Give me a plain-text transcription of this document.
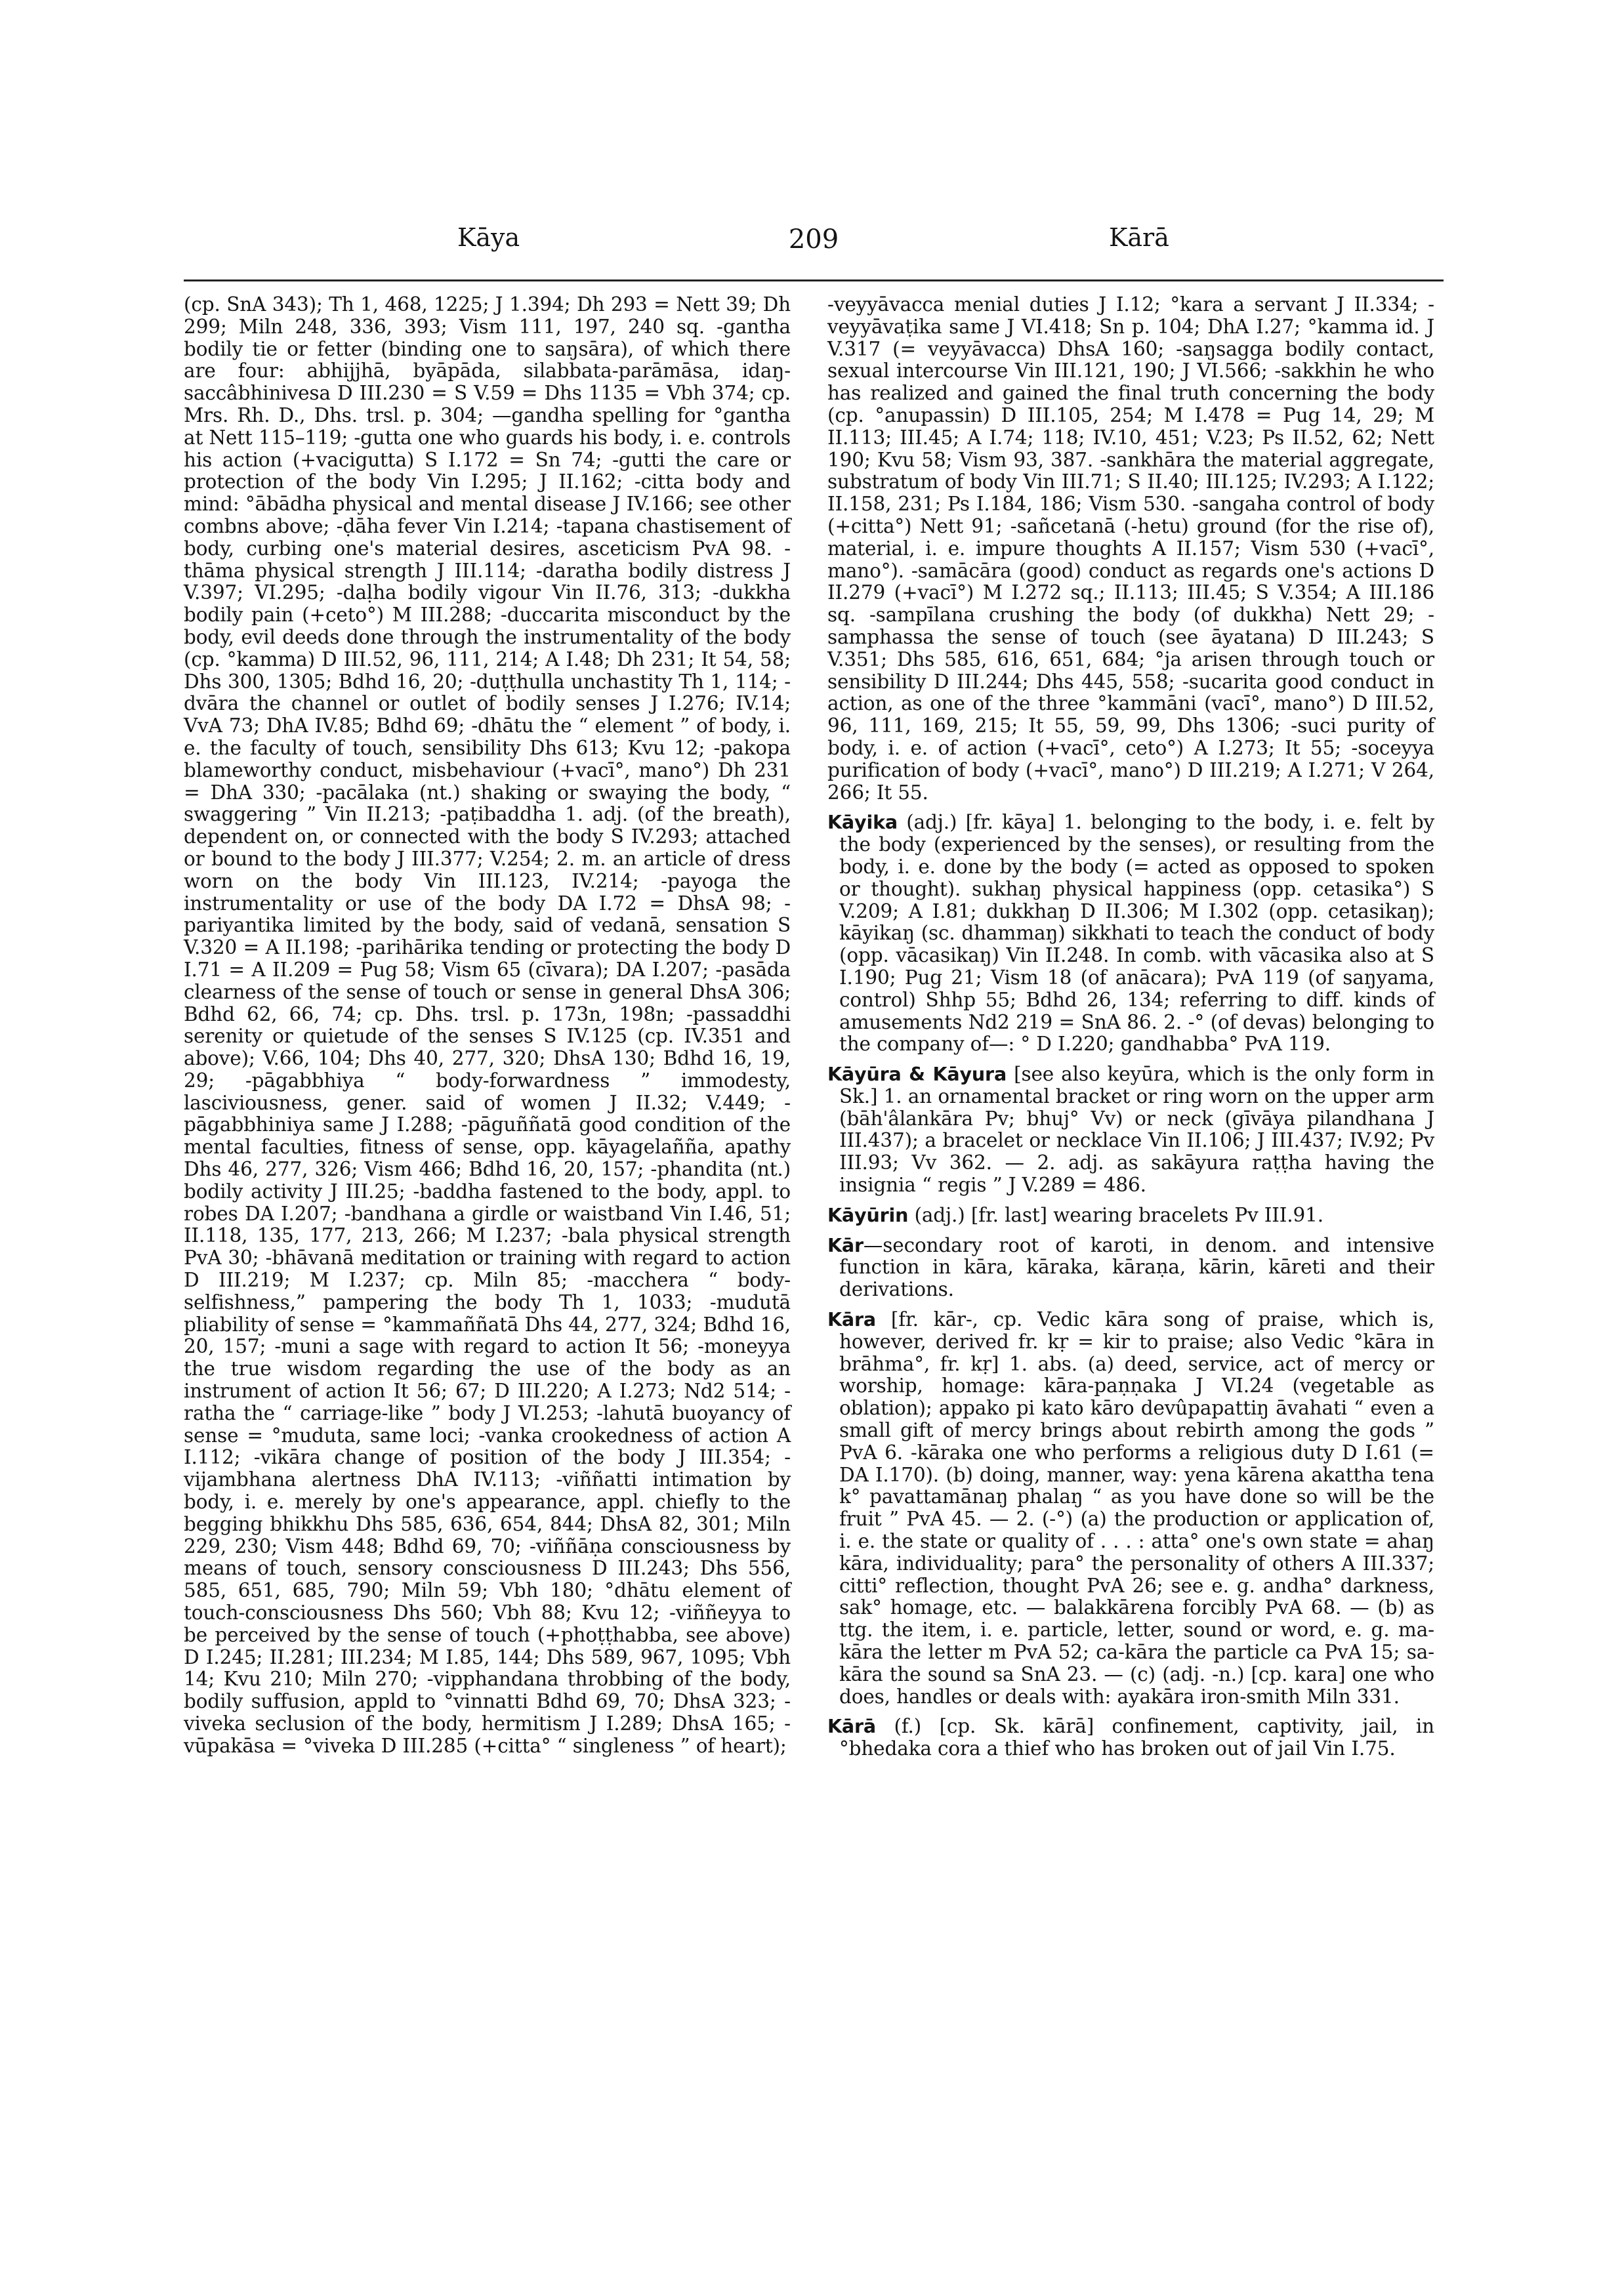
Kāya	209	Kārā

(cp. SnA 343); Th 1, 468, 1225; J 1.394; Dh 293 = Nett 39; Dh 299; Miln 248, 336, 393; Vism 111, 197, 240 sq. -gantha bodily tie or fetter (binding one to saŋsāra), of which there are four: abhijjhā, byāpāda, silabbata-parāmāsa, idaŋ-saccâbhinivesa D III.230 = S V.59 = Dhs 1135 = Vbh 374; cp. Mrs. Rh. D., Dhs. trsl. p. 304; —gandha spelling for °gantha at Nett 115–119; -gutta one who guards his body, i. e. controls his action (+vacigutta) S I.172 = Sn 74; -gutti the care or protection of the body Vin I.295; J II.162; -citta body and mind: °ābādha physical and mental disease J IV.166; see other combns above; -ḍāha fever Vin I.214; -tapana chastisement of body, curbing one's material desires, asceticism PvA 98. -thāma physical strength J III.114; -daratha bodily distress J V.397; VI.295; -daḷha bodily vigour Vin II.76, 313; -dukkha bodily pain (+ceto°) M III.288; -duccarita misconduct by the body, evil deeds done through the instrumentality of the body (cp. °kamma) D III.52, 96, 111, 214; A I.48; Dh 231; It 54, 58; Dhs 300, 1305; Bdhd 16, 20; -duṭṭhulla unchastity Th 1, 114; -dvāra the channel or outlet of bodily senses J I.276; IV.14; VvA 73; DhA IV.85; Bdhd 69; -dhātu the “ element ” of body, i. e. the faculty of touch, sensibility Dhs 613; Kvu 12; -pakopa blameworthy conduct, misbehaviour (+vacī°, mano°) Dh 231 = DhA 330; -pacālaka (nt.) shaking or swaying the body, “ swaggering ” Vin II.213; -paṭibaddha 1. adj. (of the breath), dependent on, or connected with the body S IV.293; attached or bound to the body J III.377; V.254; 2. m. an article of dress worn on the body Vin III.123, IV.214; -payoga the instrumentality or use of the body DA I.72 = DhsA 98; -pariyantika limited by the body, said of vedanā, sensation S V.320 = A II.198; -parihārika tending or protecting the body D I.71 = A II.209 = Pug 58; Vism 65 (cīvara); DA I.207; -pasāda clearness of the sense of touch or sense in general DhsA 306; Bdhd 62, 66, 74; cp. Dhs. trsl. p. 173n, 198n; -passaddhi serenity or quietude of the senses S IV.125 (cp. IV.351 and above); V.66, 104; Dhs 40, 277, 320; DhsA 130; Bdhd 16, 19, 29; -pāgabbhiya “ body-forwardness ” immodesty, lasciviousness, gener. said of women J II.32; V.449; -pāgabbhiniya same J I.288; -pāguññatā good condition of the mental faculties, fitness of sense, opp. kāyagelañña, apathy Dhs 46, 277, 326; Vism 466; Bdhd 16, 20, 157; -phandita (nt.) bodily activity J III.25; -baddha fastened to the body, appl. to robes DA I.207; -bandhana a girdle or waistband Vin I.46, 51; II.118, 135, 177, 213, 266; M I.237; -bala physical strength PvA 30; -bhāvanā meditation or training with regard to action D III.219; M I.237; cp. Miln 85; -macchera “ body-selfishness,” pampering the body Th 1, 1033; -mudutā pliability of sense = °kammaññatā Dhs 44, 277, 324; Bdhd 16, 20, 157; -muni a sage with regard to action It 56; -moneyya the true wisdom regarding the use of the body as an instrument of action It 56; 67; D III.220; A I.273; Nd2 514; -ratha the “ carriage-like ” body J VI.253; -lahutā buoyancy of sense = °muduta, same loci; -vanka crookedness of action A I.112; -vikāra change of position of the body J III.354; -vijambhana alertness DhA IV.113; -viññatti intimation by body, i. e. merely by one's appearance, appl. chiefly to the begging bhikkhu Dhs 585, 636, 654, 844; DhsA 82, 301; Miln 229, 230; Vism 448; Bdhd 69, 70; -viññāṇa consciousness by means of touch, sensory consciousness D III.243; Dhs 556, 585, 651, 685, 790; Miln 59; Vbh 180; °dhātu element of touch-consciousness Dhs 560; Vbh 88; Kvu 12; -viññeyya to be perceived by the sense of touch (+phoṭṭhabba, see above) D I.245; II.281; III.234; M I.85, 144; Dhs 589, 967, 1095; Vbh 14; Kvu 210; Miln 270; -vipphandana throbbing of the body, bodily suffusion, appld to °vinnatti Bdhd 69, 70; DhsA 323; -viveka seclusion of the body, hermitism J I.289; DhsA 165; -vūpakāsa = °viveka D III.285 (+citta° “ singleness ” of heart);

-veyyāvacca menial duties J I.12; °kara a servant J II.334; -veyyāvaṭika same J VI.418; Sn p. 104; DhA I.27; °kamma id. J V.317 (= veyyāvacca) DhsA 160; -saŋsagga bodily contact, sexual intercourse Vin III.121, 190; J VI.566; -sakkhin he who has realized and gained the final truth concerning the body (cp. °anupassin) D III.105, 254; M I.478 = Pug 14, 29; M II.113; III.45; A I.74; 118; IV.10, 451; V.23; Ps II.52, 62; Nett 190; Kvu 58; Vism 93, 387. -sankhāra the material aggregate, substratum of body Vin III.71; S II.40; III.125; IV.293; A I.122; II.158, 231; Ps I.184, 186; Vism 530. -sangaha control of body (+citta°) Nett 91; -sañcetanā (-hetu) ground (for the rise of), material, i. e. impure thoughts A II.157; Vism 530 (+vacī°, mano°). -samācāra (good) conduct as regards one's actions D II.279 (+vacī°) M I.272 sq.; II.113; III.45; S V.354; A III.186 sq. -sampīlana crushing the body (of dukkha) Nett 29; -samphassa the sense of touch (see āyatana) D III.243; S V.351; Dhs 585, 616, 651, 684; °ja arisen through touch or sensibility D III.244; Dhs 445, 558; -sucarita good conduct in action, as one of the three °kammāni (vacī°, mano°) D III.52, 96, 111, 169, 215; It 55, 59, 99, Dhs 1306; -suci purity of body, i. e. of action (+vacī°, ceto°) A I.273; It 55; -soceyya purification of body (+vacī°, mano°) D III.219; A I.271; V 264, 266; It 55.

Kāyika (adj.) [fr. kāya] 1. belonging to the body, i. e. felt by the body (experienced by the senses), or resulting from the body, i. e. done by the body (= acted as opposed to spoken or thought). sukhaŋ physical happiness (opp. cetasika°) S V.209; A I.81; dukkhaŋ D II.306; M I.302 (opp. cetasikaŋ); kāyikaŋ (sc. dhammaŋ) sikkhati to teach the conduct of body (opp. vācasikaŋ) Vin II.248. In comb. with vācasika also at S I.190; Pug 21; Vism 18 (of anācara); PvA 119 (of saŋyama, control) Shhp 55; Bdhd 26, 134; referring to diff. kinds of amusements Nd2 219 = SnA 86. 2. -° (of devas) belonging to the company of—: ° D I.220; gandhabba° PvA 119.

Kāyūra & Kāyura [see also keyūra, which is the only form in Sk.] 1. an ornamental bracket or ring worn on the upper arm (bāh'âlankāra Pv; bhuj° Vv) or neck (gīvāya pilandhana J III.437); a bracelet or necklace Vin II.106; J III.437; IV.92; Pv III.93; Vv 362. — 2. adj. as sakāyura raṭṭha having the insignia “ regis ” J V.289 = 486.

Kāyūrin (adj.) [fr. last] wearing bracelets Pv III.91.

Kār—secondary root of karoti, in denom. and intensive function in kāra, kāraka, kāraṇa, kārin, kāreti and their derivations.

Kāra [fr. kār-, cp. Vedic kāra song of praise, which is, however, derived fr. kṛ = kir to praise; also Vedic °kāra in brāhma°, fr. kṛ] 1. abs. (a) deed, service, act of mercy or worship, homage: kāra-paṇṇaka J VI.24 (vegetable as oblation); appako pi kato kāro devûpapattiŋ āvahati “ even a small gift of mercy brings about rebirth among the gods ” PvA 6. -kāraka one who performs a religious duty D I.61 (= DA I.170). (b) doing, manner, way: yena kārena akattha tena k° pavattamānaŋ phalaŋ “ as you have done so will be the fruit ” PvA 45. — 2. (-°) (a) the production or application of, i. e. the state or quality of . . . : atta° one's own state = ahaŋ kāra, individuality; para° the personality of others A III.337; citti° reflection, thought PvA 26; see e. g. andha° darkness, sak° homage, etc. — balakkārena forcibly PvA 68. — (b) as ttg. the item, i. e. particle, letter, sound or word, e. g. ma-kāra the letter m PvA 52; ca-kāra the particle ca PvA 15; sa-kāra the sound sa SnA 23. — (c) (adj. -n.) [cp. kara] one who does, handles or deals with: ayakāra iron-smith Miln 331.

Kārā (f.) [cp. Sk. kārā] confinement, captivity, jail, in °bhedaka cora a thief who has broken out of jail Vin I.75.
